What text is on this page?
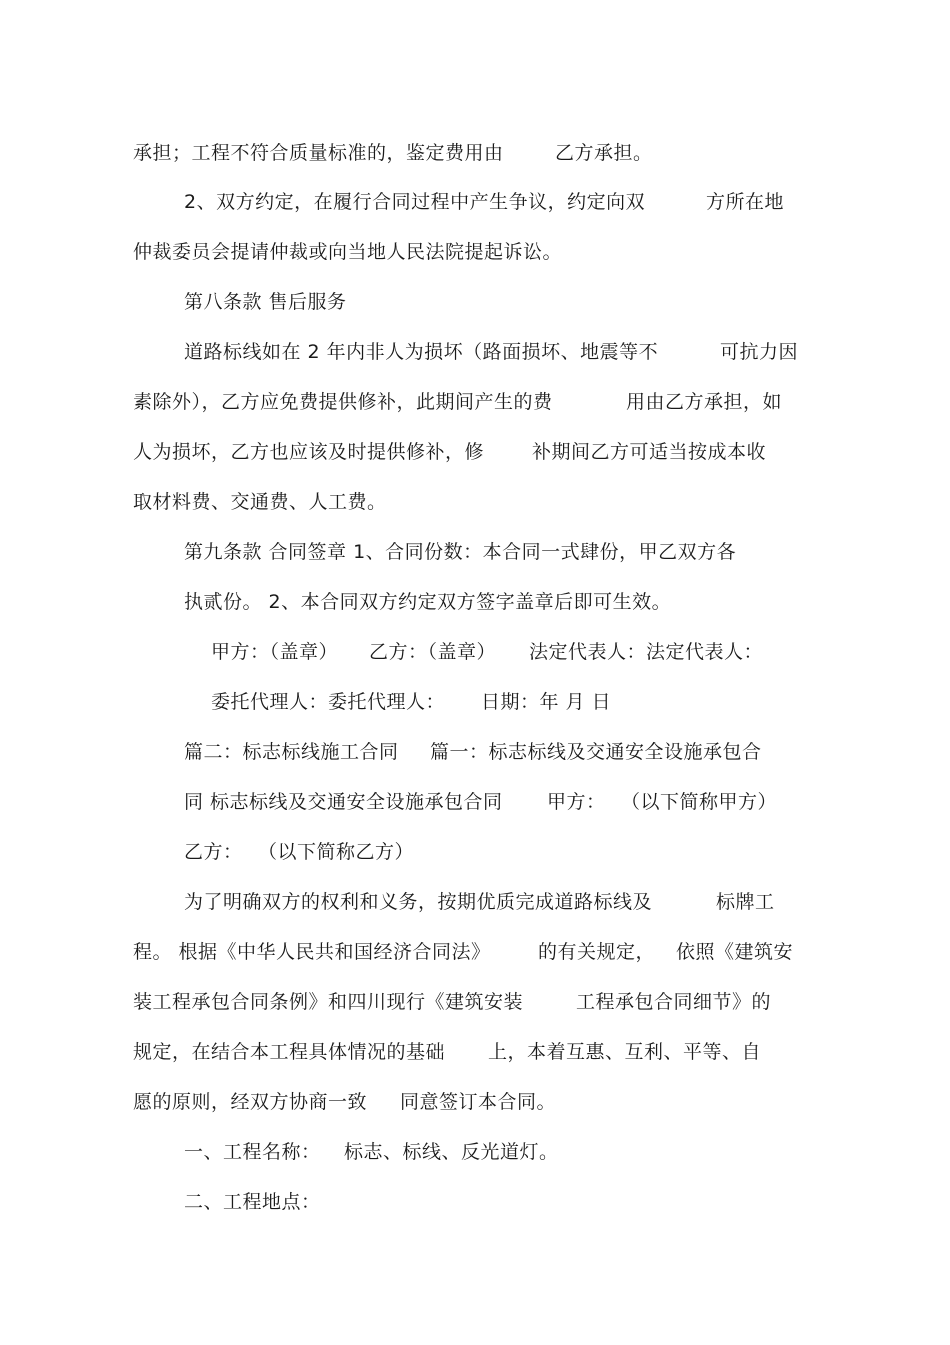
承担；工程不符合质量标准的，鉴定费用由	乙方承担。
2、双方约定，在履行合同过程中产生争议，约定向双	方所在地
仲裁委员会提请仲裁或向当地人民法院提起诉讼。
第八条款 售后服务
道路标线如在 2 年内非人为损坏（路面损坏、地震等不	可抗力因
素除外），乙方应免费提供修补，此期间产生的费	用由乙方承担，如
人为损坏，乙方也应该及时提供修补，修	补期间乙方可适当按成本收
取材料费、交通费、人工费。
第九条款 合同签章 1、合同份数：本合同一式肆份，甲乙双方各
执贰份。 2、本合同双方约定双方签字盖章后即可生效。
甲方：（盖章） 乙方：（盖章） 法定代表人：法定代表人：
委托代理人：委托代理人： 日期：年 月 日
篇二：标志标线施工合同 篇一：标志标线及交通安全设施承包合
同 标志标线及交通安全设施承包合同 甲方： （以下简称甲方）
乙方： （以下简称乙方）
为了明确双方的权利和义务，按期优质完成道路标线及	标牌工
程。 根据《中华人民共和国经济合同法》 的有关规定， 依照《建筑安
装工程承包合同条例》和四川现行《建筑安装	工程承包合同细节》的
规定，在结合本工程具体情况的基础 上，本着互惠、互利、平等、自
愿的原则，经双方协商一致 同意签订本合同。
一、工程名称： 标志、标线、反光道灯。
二、工程地点：
